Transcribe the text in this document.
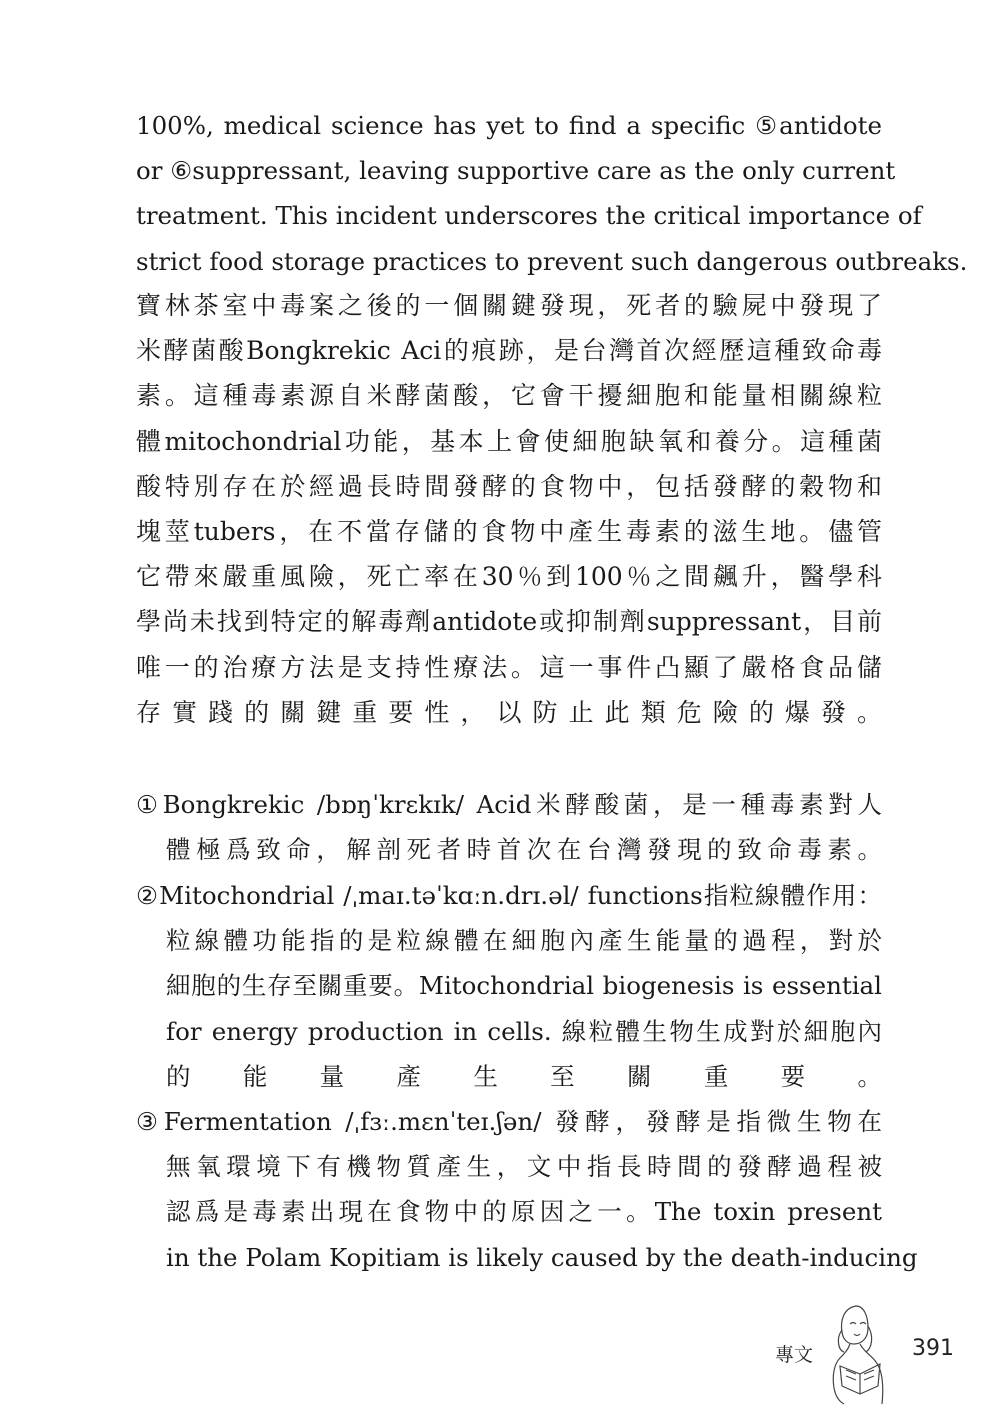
100%, medical science has yet to find a specific ⑤antidote
or ⑥suppressant, leaving supportive care as the only current
treatment. This incident underscores the critical importance of
strict food storage practices to prevent such dangerous outbreaks.
寶林茶室中毒案之後的一個關鍵發現，死者的驗屍中發現了
米酵菌酸Bongkrekic Aci的痕跡，是台灣首次經歷這種致命毒
素。這種毒素源自米酵菌酸，它會干擾細胞和能量相關線粒
體mitochondrial功能，基本上會使細胞缺氧和養分。這種菌
酸特別存在於經過長時間發酵的食物中，包括發酵的穀物和
塊莖tubers，在不當存儲的食物中產生毒素的滋生地。儘管
它帶來嚴重風險，死亡率在30％到100％之間飆升，醫學科
學尚未找到特定的解毒劑antidote或抑制劑suppressant，目前
唯一的治療方法是支持性療法。這一事件凸顯了嚴格食品儲
存實踐的關鍵重要性，以防止此類危險的爆發。
①Bongkrekic /bɒŋˈkrɛkɪk/ Acid米酵酸菌，是一種毒素對人
體極爲致命，解剖死者時首次在台灣發現的致命毒素。
②Mitochondrial /ˌmaɪ.təˈkɑːn.drɪ.əl/ functions指粒線體作用：
粒線體功能指的是粒線體在細胞內產生能量的過程，對於
細胞的生存至關重要。Mitochondrial biogenesis is essential
for energy production in cells. 線粒體生物生成對於細胞內
的能量產生至關重要。
③Fermentation /ˌfɜː.mɛnˈteɪ.ʃən/ 發酵，發酵是指微生物在
無氧環境下有機物質產生，文中指長時間的發酵過程被
認爲是毒素出現在食物中的原因之一。The toxin present
in the Polam Kopitiam is likely caused by the death-inducing
專文	391
